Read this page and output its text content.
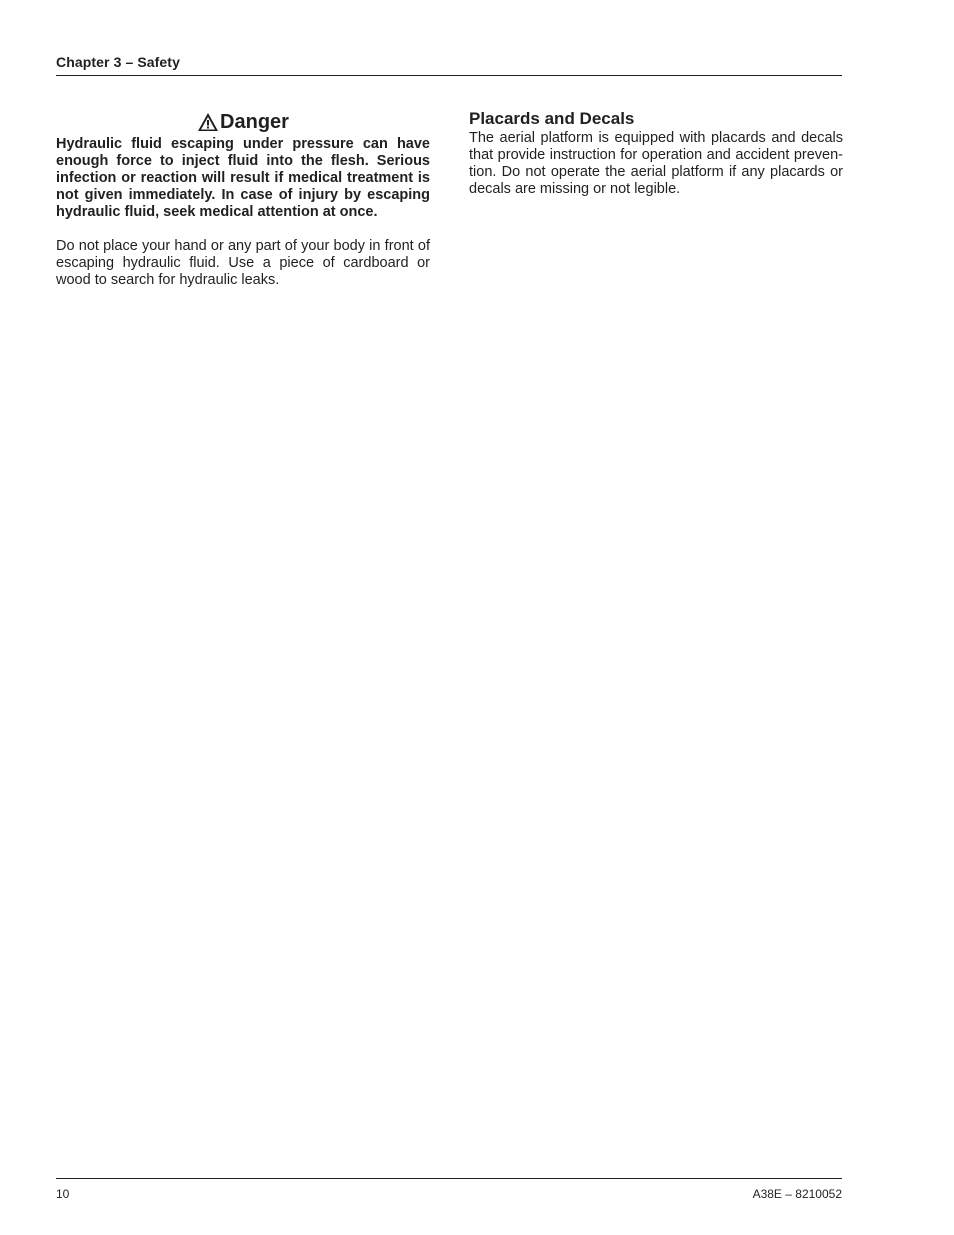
Chapter 3 – Safety
Danger

Hydraulic fluid escaping under pressure can have enough force to inject fluid into the flesh. Serious infection or reaction will result if medical treatment is not given immediately. In case of injury by escaping hydraulic fluid, seek medical attention at once.

Do not place your hand or any part of your body in front of escaping hydraulic fluid. Use a piece of cardboard or wood to search for hydraulic leaks.

Placards and Decals

The aerial platform is equipped with placards and decals that provide instruction for operation and accident preven-tion. Do not operate the aerial platform if any placards or decals are missing or not legible.

10	A38E – 8210052
